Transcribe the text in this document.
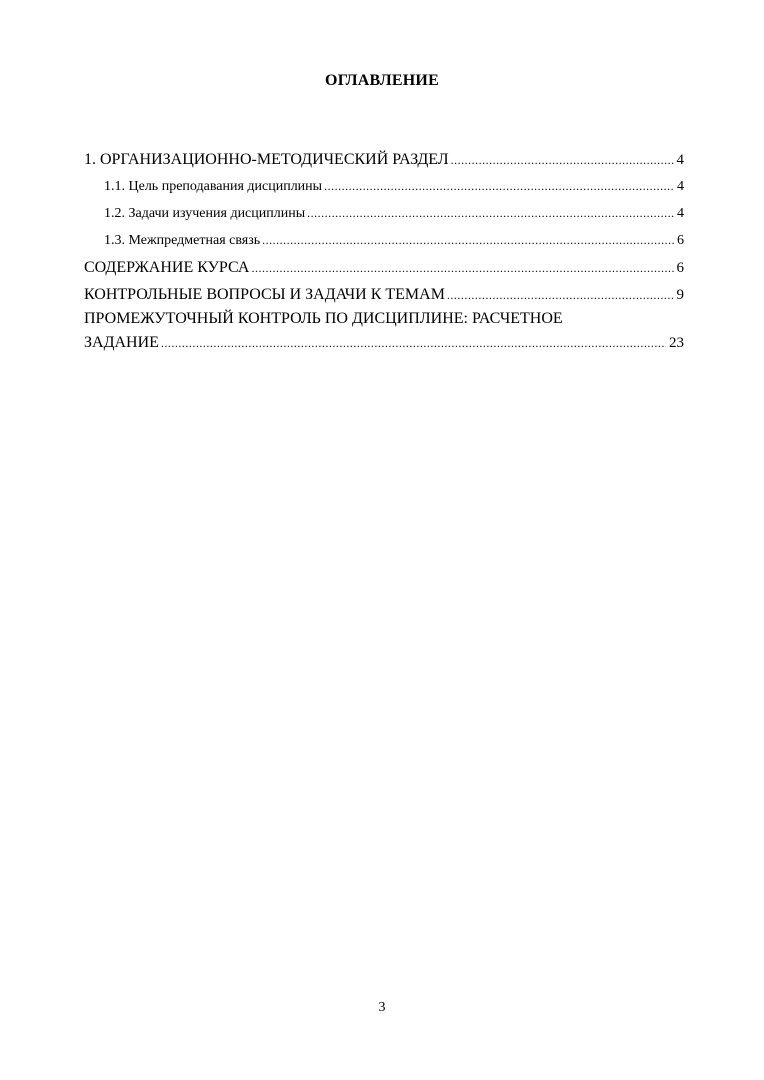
ОГЛАВЛЕНИЕ
1. ОРГАНИЗАЦИОННО-МЕТОДИЧЕСКИЙ РАЗДЕЛ .....	4
1.1. Цель преподавания дисциплины .....	4
1.2. Задачи изучения дисциплины .....	4
1.3. Межпредметная связь .....	6
СОДЕРЖАНИЕ КУРСА .....	6
КОНТРОЛЬНЫЕ ВОПРОСЫ И ЗАДАЧИ К ТЕМАМ .....	9
ПРОМЕЖУТОЧНЫЙ КОНТРОЛЬ ПО ДИСЦИПЛИНЕ: РАСЧЕТНОЕ
ЗАДАНИЕ .....	23
3
